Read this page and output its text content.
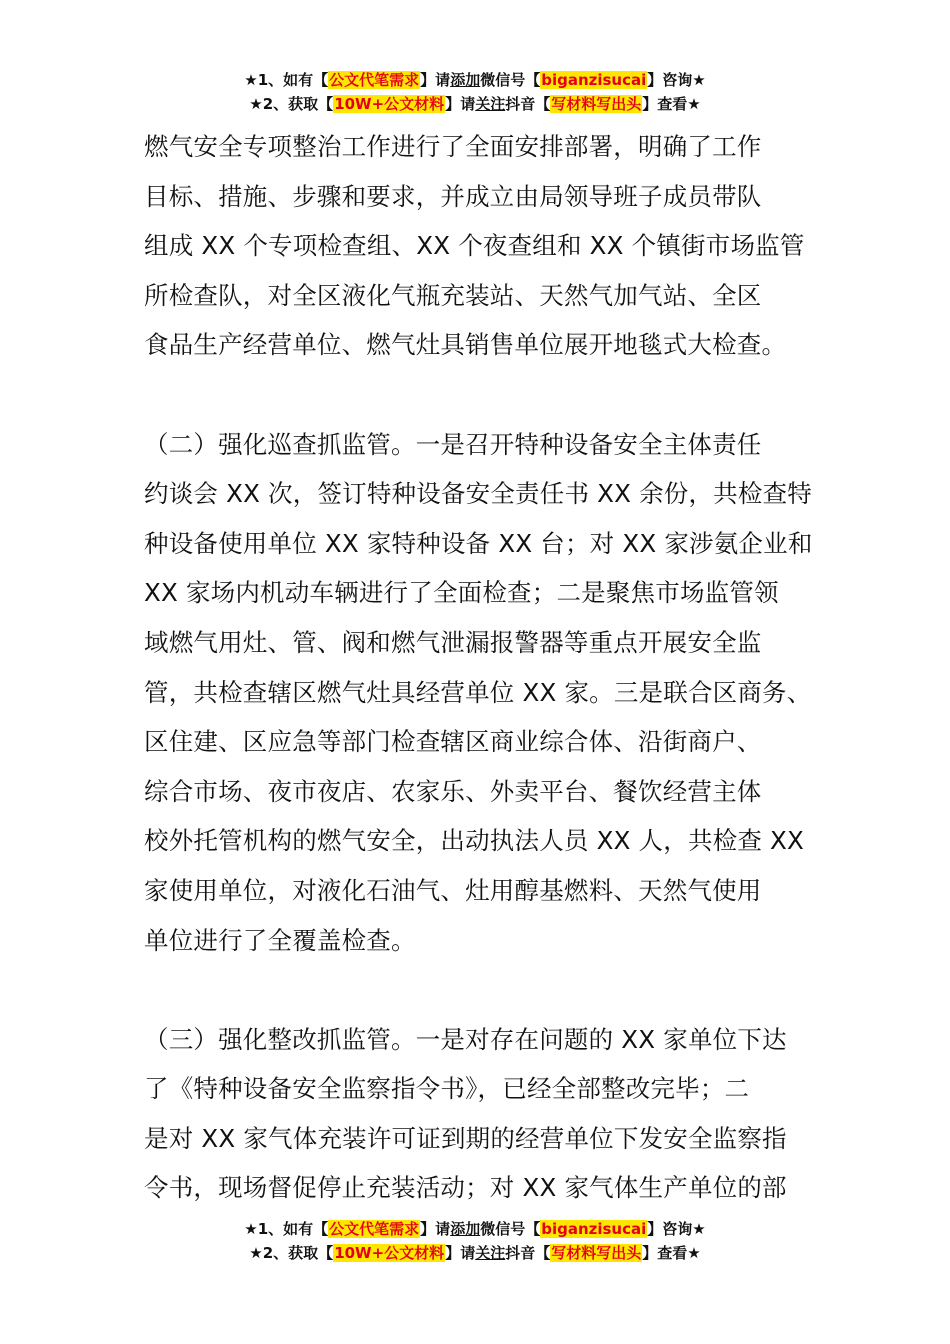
★1、如有【公文代笔需求】请添加微信号【biganzisucai】咨询★
★2、获取【10W+公文材料】请关注抖音【写材料写出头】查看★

燃气安全专项整治工作进行了全面安排部署，明确了工作
目标、措施、步骤和要求，并成立由局领导班子成员带队
组成 XX 个专项检查组、XX 个夜查组和 XX 个镇街市场监管
所检查队，对全区液化气瓶充装站、天然气加气站、全区
食品生产经营单位、燃气灶具销售单位展开地毯式大检查。

（二）强化巡查抓监管。一是召开特种设备安全主体责任
约谈会 XX 次，签订特种设备安全责任书 XX 余份，共检查特
种设备使用单位 XX 家特种设备 XX 台；对 XX 家涉氨企业和
XX 家场内机动车辆进行了全面检查；二是聚焦市场监管领
域燃气用灶、管、阀和燃气泄漏报警器等重点开展安全监
管，共检查辖区燃气灶具经营单位 XX 家。三是联合区商务、
区住建、区应急等部门检查辖区商业综合体、沿街商户、
综合市场、夜市夜店、农家乐、外卖平台、餐饮经营主体
校外托管机构的燃气安全，出动执法人员 XX 人，共检查 XX
家使用单位，对液化石油气、灶用醇基燃料、天然气使用
单位进行了全覆盖检查。

（三）强化整改抓监管。一是对存在问题的 XX 家单位下达
了《特种设备安全监察指令书》，已经全部整改完毕；二
是对 XX 家气体充装许可证到期的经营单位下发安全监察指
令书，现场督促停止充装活动；对 XX 家气体生产单位的部

★1、如有【公文代笔需求】请添加微信号【biganzisucai】咨询★
★2、获取【10W+公文材料】请关注抖音【写材料写出头】查看★
